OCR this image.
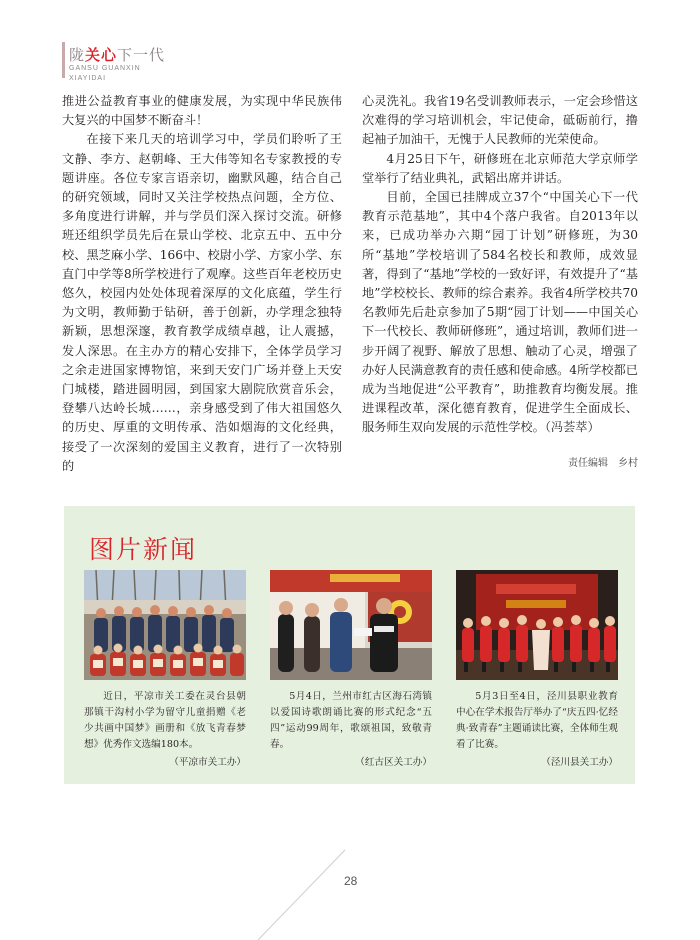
陇关心下一代
GANSU GUANXIN
XIAYIDAI

推进公益教育事业的健康发展，为实现中华民族伟大复兴的中国梦不断奋斗！

在接下来几天的培训学习中，学员们聆听了王文静、李方、赵朝峰、王大伟等知名专家教授的专题讲座。各位专家言语亲切，幽默风趣，结合自己的研究领域，同时又关注学校热点问题，全方位、多角度进行讲解，并与学员们深入探讨交流。研修班还组织学员先后在景山学校、北京五中、五中分校、黑芝麻小学、166中、校尉小学、方家小学、东直门中学等8所学校进行了观摩。这些百年老校历史悠久，校园内处处体现着深厚的文化底蕴，学生行为文明，教师勤于钻研，善于创新，办学理念独特新颖，思想深邃，教育教学成绩卓越，让人震撼，发人深思。在主办方的精心安排下，全体学员学习之余走进国家博物馆，来到天安门广场并登上天安门城楼，踏进圆明园，到国家大剧院欣赏音乐会，登攀八达岭长城……，亲身感受到了伟大祖国悠久的历史、厚重的文明传承、浩如烟海的文化经典，接受了一次深刻的爱国主义教育，进行了一次特别的

心灵洗礼。我省19名受训教师表示，一定会珍惜这次难得的学习培训机会，牢记使命，砥砺前行，撸起袖子加油干，无愧于人民教师的光荣使命。

4月25日下午，研修班在北京师范大学京师学堂举行了结业典礼，武韬出席并讲话。

目前，全国已挂牌成立37个“中国关心下一代教育示范基地”，其中4个落户我省。自2013年以来，已成功举办六期“园丁计划”研修班，为30所“基地”学校培训了584名校长和教师，成效显著，得到了“基地”学校的一致好评，有效提升了“基地”学校校长、教师的综合素养。我省4所学校共70名教师先后赴京参加了5期“园丁计划——中国关心下一代校长、教师研修班”，通过培训，教师们进一步开阔了视野、解放了思想、触动了心灵，增强了办好人民满意教育的责任感和使命感。4所学校都已成为当地促进“公平教育”，助推教育均衡发展。推进课程改革，深化德育教育，促进学生全面成长、服务师生双向发展的示范性学校。（冯荟萃）

责任编辑　乡村
图片新闻

近日，平凉市关工委在灵台县朝那镇干沟村小学为留守儿童捐赠《老少共画中国梦》画册和《放飞青春梦想》优秀作文选编180本。

（平凉市关工办）

5月4日，兰州市红古区海石湾镇以爱国诗歌朗诵比赛的形式纪念“五四”运动99周年，歌颂祖国，致敬青春。

（红古区关工办）

5月3日至4日，泾川县职业教育中心在学术报告厅举办了“庆五四·忆经典·致青春”主题诵读比赛，全体师生观看了比赛。

（泾川县关工办）

28
